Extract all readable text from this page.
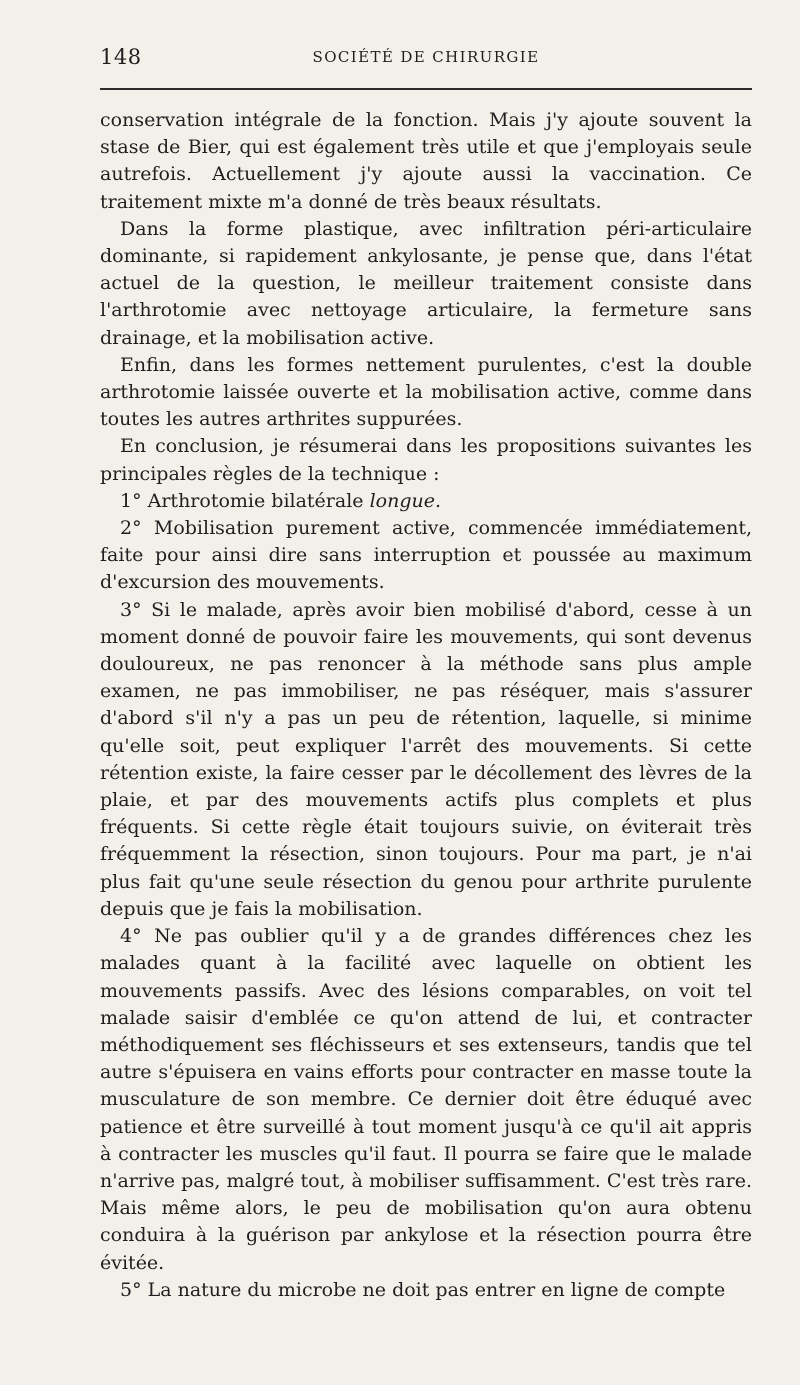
148	SOCIÉTÉ DE CHIRURGIE

conservation intégrale de la fonction. Mais j'y ajoute souvent la stase de Bier, qui est également très utile et que j'employais seule autrefois. Actuellement j'y ajoute aussi la vaccination. Ce traitement mixte m'a donné de très beaux résultats.

Dans la forme plastique, avec infiltration péri-articulaire dominante, si rapidement ankylosante, je pense que, dans l'état actuel de la question, le meilleur traitement consiste dans l'arthrotomie avec nettoyage articulaire, la fermeture sans drainage, et la mobilisation active.

Enfin, dans les formes nettement purulentes, c'est la double arthrotomie laissée ouverte et la mobilisation active, comme dans toutes les autres arthrites suppurées.

En conclusion, je résumerai dans les propositions suivantes les principales règles de la technique :

1° Arthrotomie bilatérale longue.

2° Mobilisation purement active, commencée immédiatement, faite pour ainsi dire sans interruption et poussée au maximum d'excursion des mouvements.

3° Si le malade, après avoir bien mobilisé d'abord, cesse à un moment donné de pouvoir faire les mouvements, qui sont devenus douloureux, ne pas renoncer à la méthode sans plus ample examen, ne pas immobiliser, ne pas réséquer, mais s'assurer d'abord s'il n'y a pas un peu de rétention, laquelle, si minime qu'elle soit, peut expliquer l'arrêt des mouvements. Si cette rétention existe, la faire cesser par le décollement des lèvres de la plaie, et par des mouvements actifs plus complets et plus fréquents. Si cette règle était toujours suivie, on éviterait très fréquemment la résection, sinon toujours. Pour ma part, je n'ai plus fait qu'une seule résection du genou pour arthrite purulente depuis que je fais la mobilisation.

4° Ne pas oublier qu'il y a de grandes différences chez les malades quant à la facilité avec laquelle on obtient les mouvements passifs. Avec des lésions comparables, on voit tel malade saisir d'emblée ce qu'on attend de lui, et contracter méthodiquement ses fléchisseurs et ses extenseurs, tandis que tel autre s'épuisera en vains efforts pour contracter en masse toute la musculature de son membre. Ce dernier doit être éduqué avec patience et être surveillé à tout moment jusqu'à ce qu'il ait appris à contracter les muscles qu'il faut. Il pourra se faire que le malade n'arrive pas, malgré tout, à mobiliser suffisamment. C'est très rare. Mais même alors, le peu de mobilisation qu'on aura obtenu conduira à la guérison par ankylose et la résection pourra être évitée.

5° La nature du microbe ne doit pas entrer en ligne de compte
